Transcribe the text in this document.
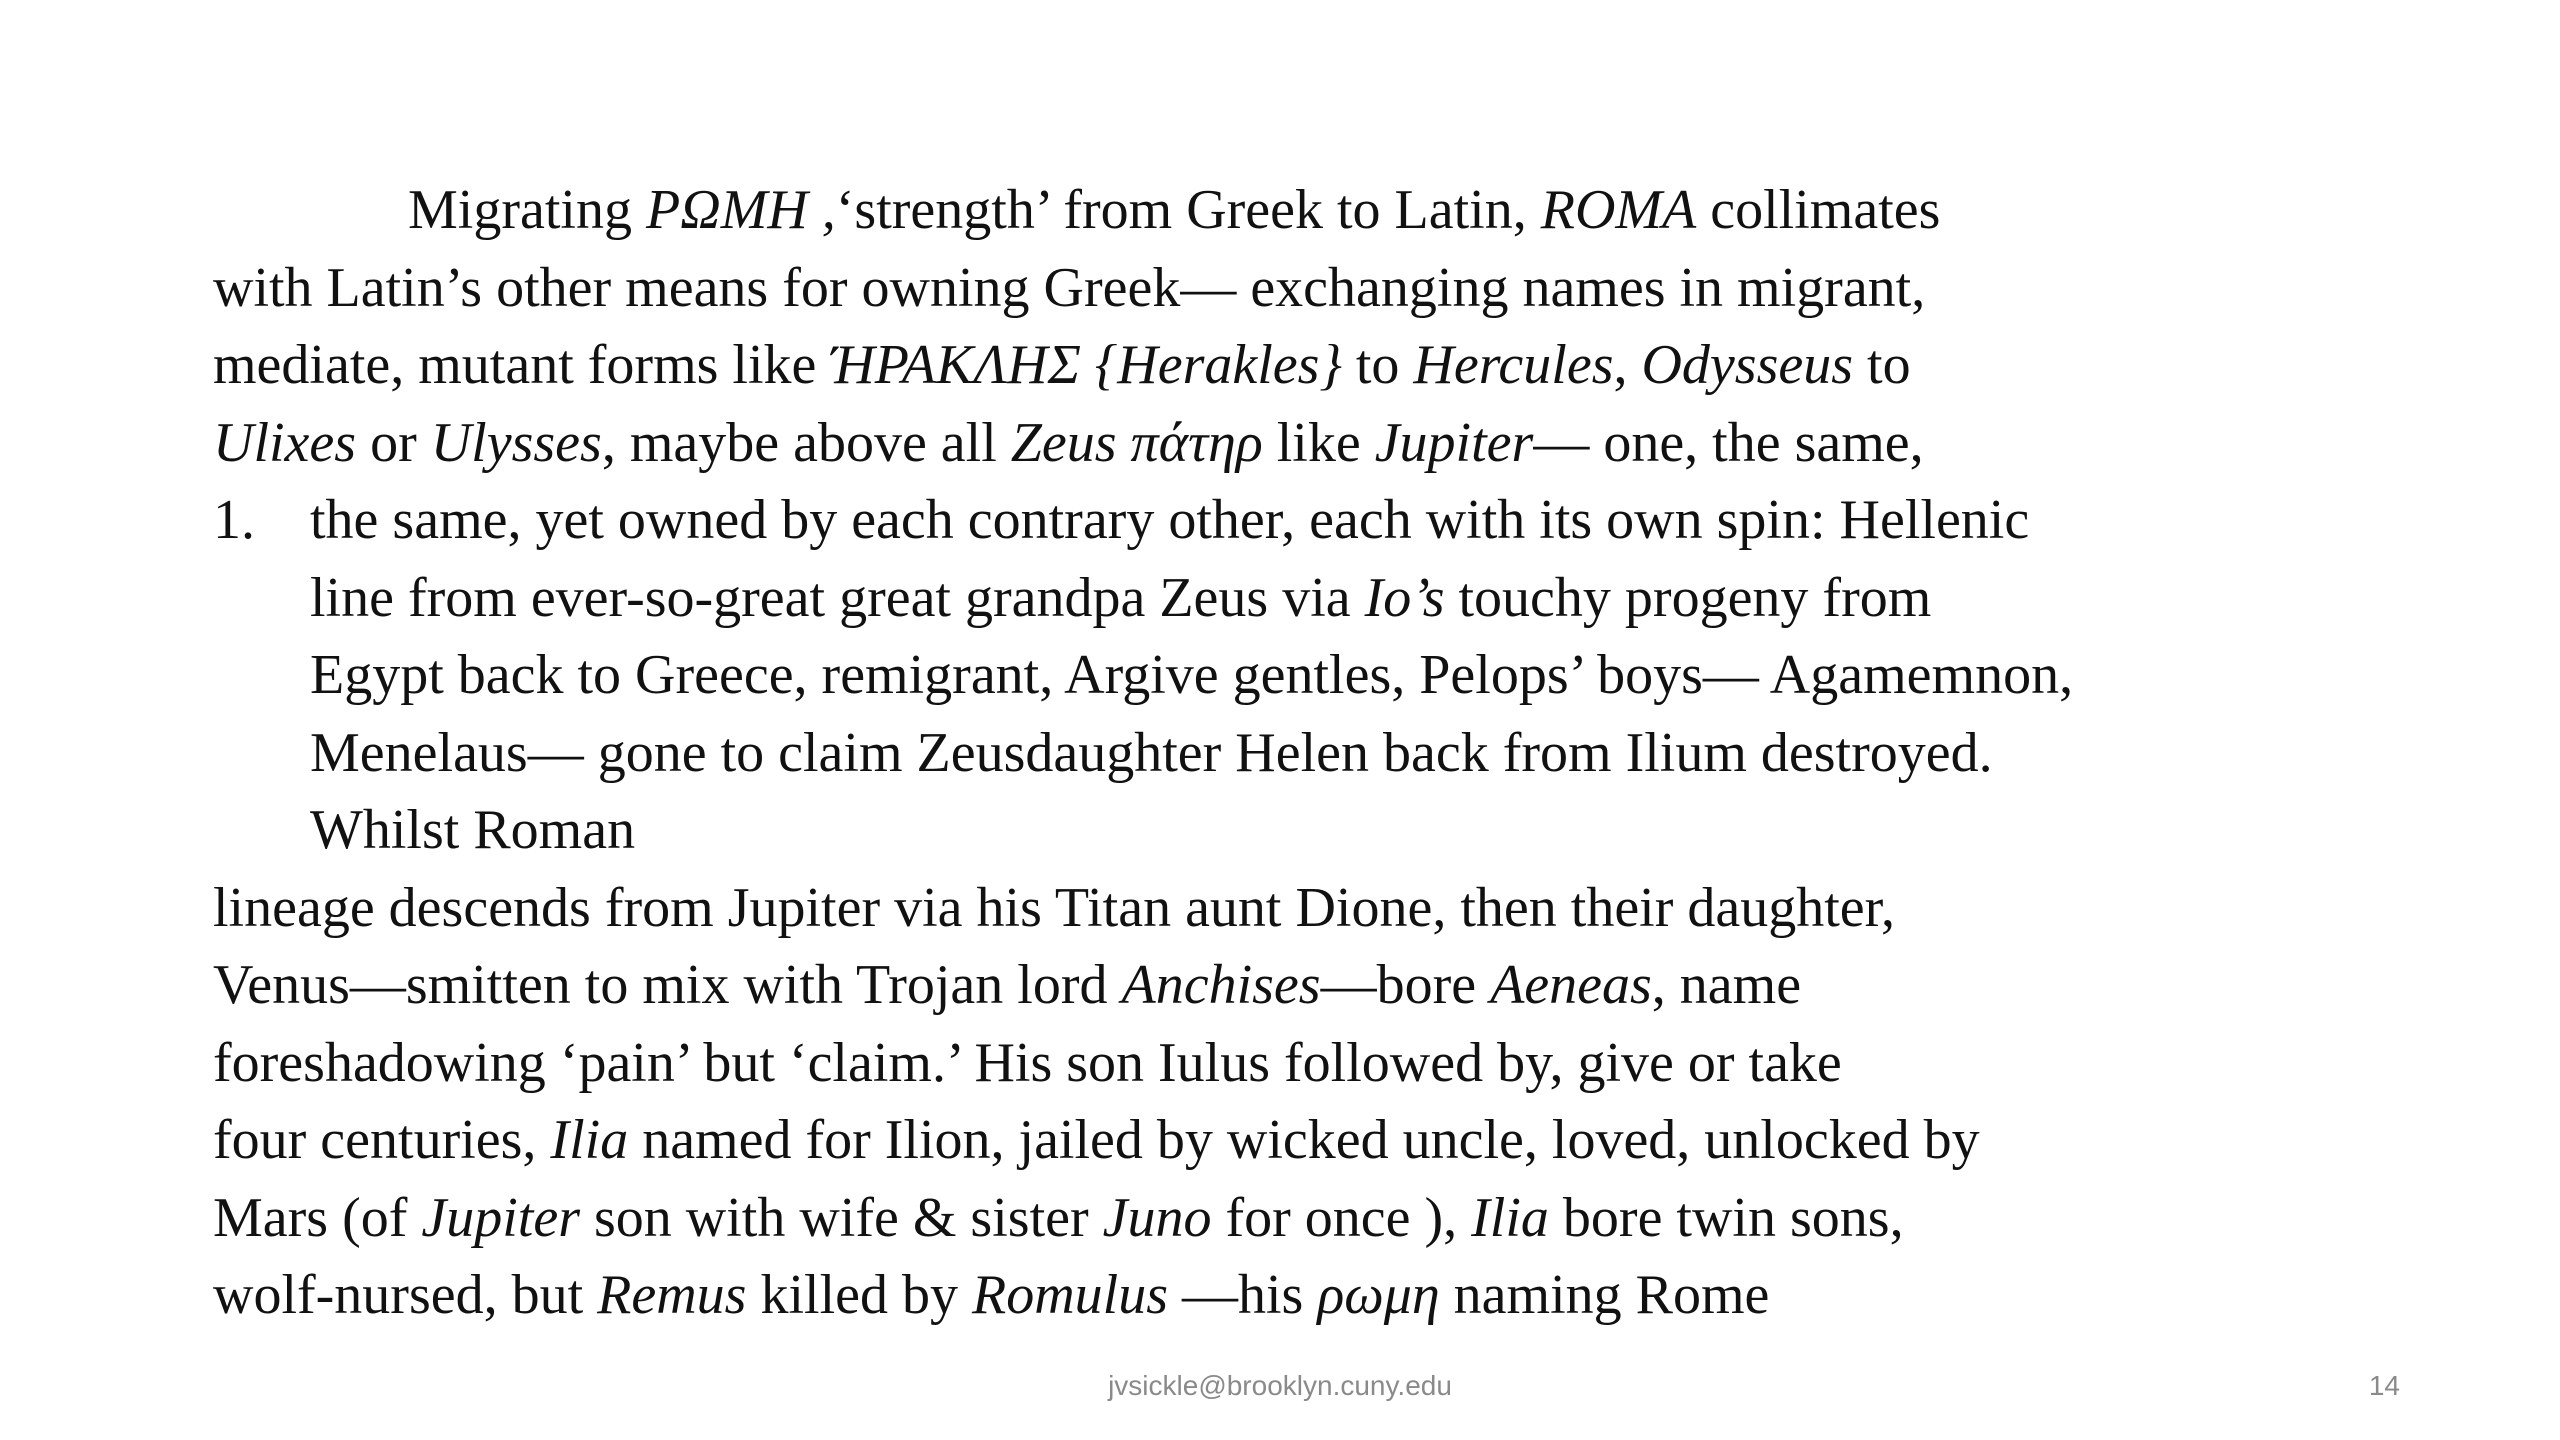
Migrating ΡΩΜΗ ,‘strength’ from Greek to Latin, ROMA collimates
with Latin’s other means for owning Greek— exchanging names in migrant,
mediate, mutant forms like ΉΡΑΚΛΗΣ {Herakles} to Hercules, Odysseus to
Ulixes or Ulysses, maybe above all Zeus πάτηρ like Jupiter— one, the same,
1. the same, yet owned by each contrary other, each with its own spin: Hellenic
line from ever-so-great great grandpa Zeus via Io’s touchy progeny from
Egypt back to Greece, remigrant, Argive gentles, Pelops’ boys— Agamemnon,
Menelaus— gone to claim Zeusdaughter Helen back from Ilium destroyed.
Whilst Roman
lineage descends from Jupiter via his Titan aunt Dione, then their daughter,
Venus—smitten to mix with Trojan lord Anchises—bore Aeneas, name
foreshadowing ‘pain’ but ‘claim.’ His son Iulus followed by, give or take
four centuries, Ilia named for Ilion, jailed by wicked uncle, loved, unlocked by
Mars (of Jupiter son with wife & sister Juno for once ), Ilia bore twin sons,
wolf-nursed, but Remus killed by Romulus —his ρωμη naming Rome
jvsickle@brooklyn.cuny.edu	14
